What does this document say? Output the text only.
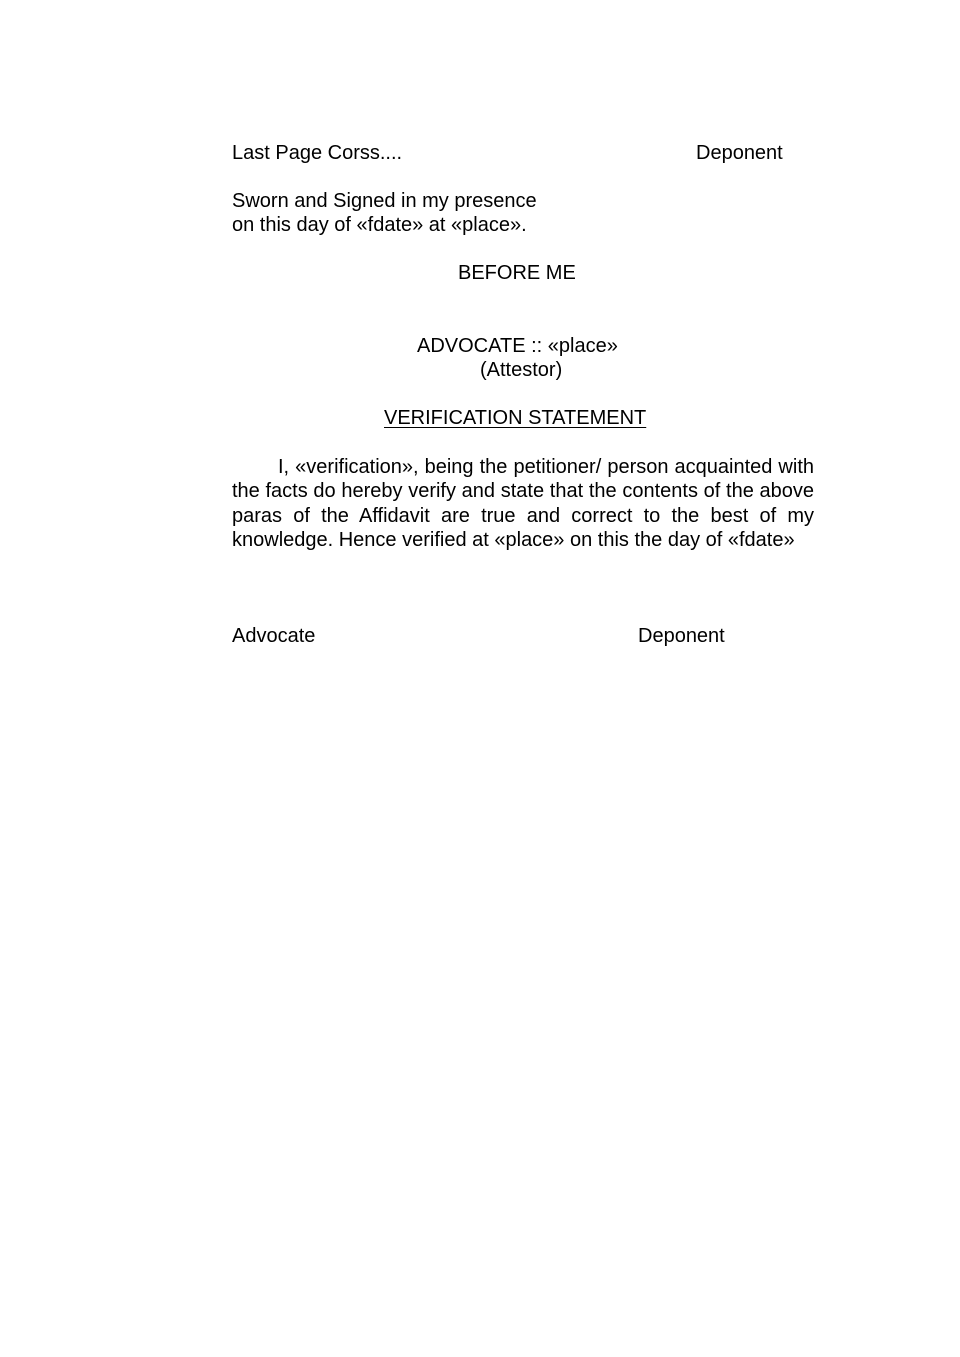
Last Page Corss....	Deponent
Sworn and Signed in my presence
on this day of «fdate» at «place».
BEFORE ME
ADVOCATE :: «place»
(Attestor)
VERIFICATION STATEMENT
I, «verification», being the petitioner/ person acquainted with the facts do hereby verify and state that the contents of the above paras of the Affidavit are true and correct to the best of my knowledge. Hence verified at «place» on this the day of «fdate»
Advocate	Deponent
